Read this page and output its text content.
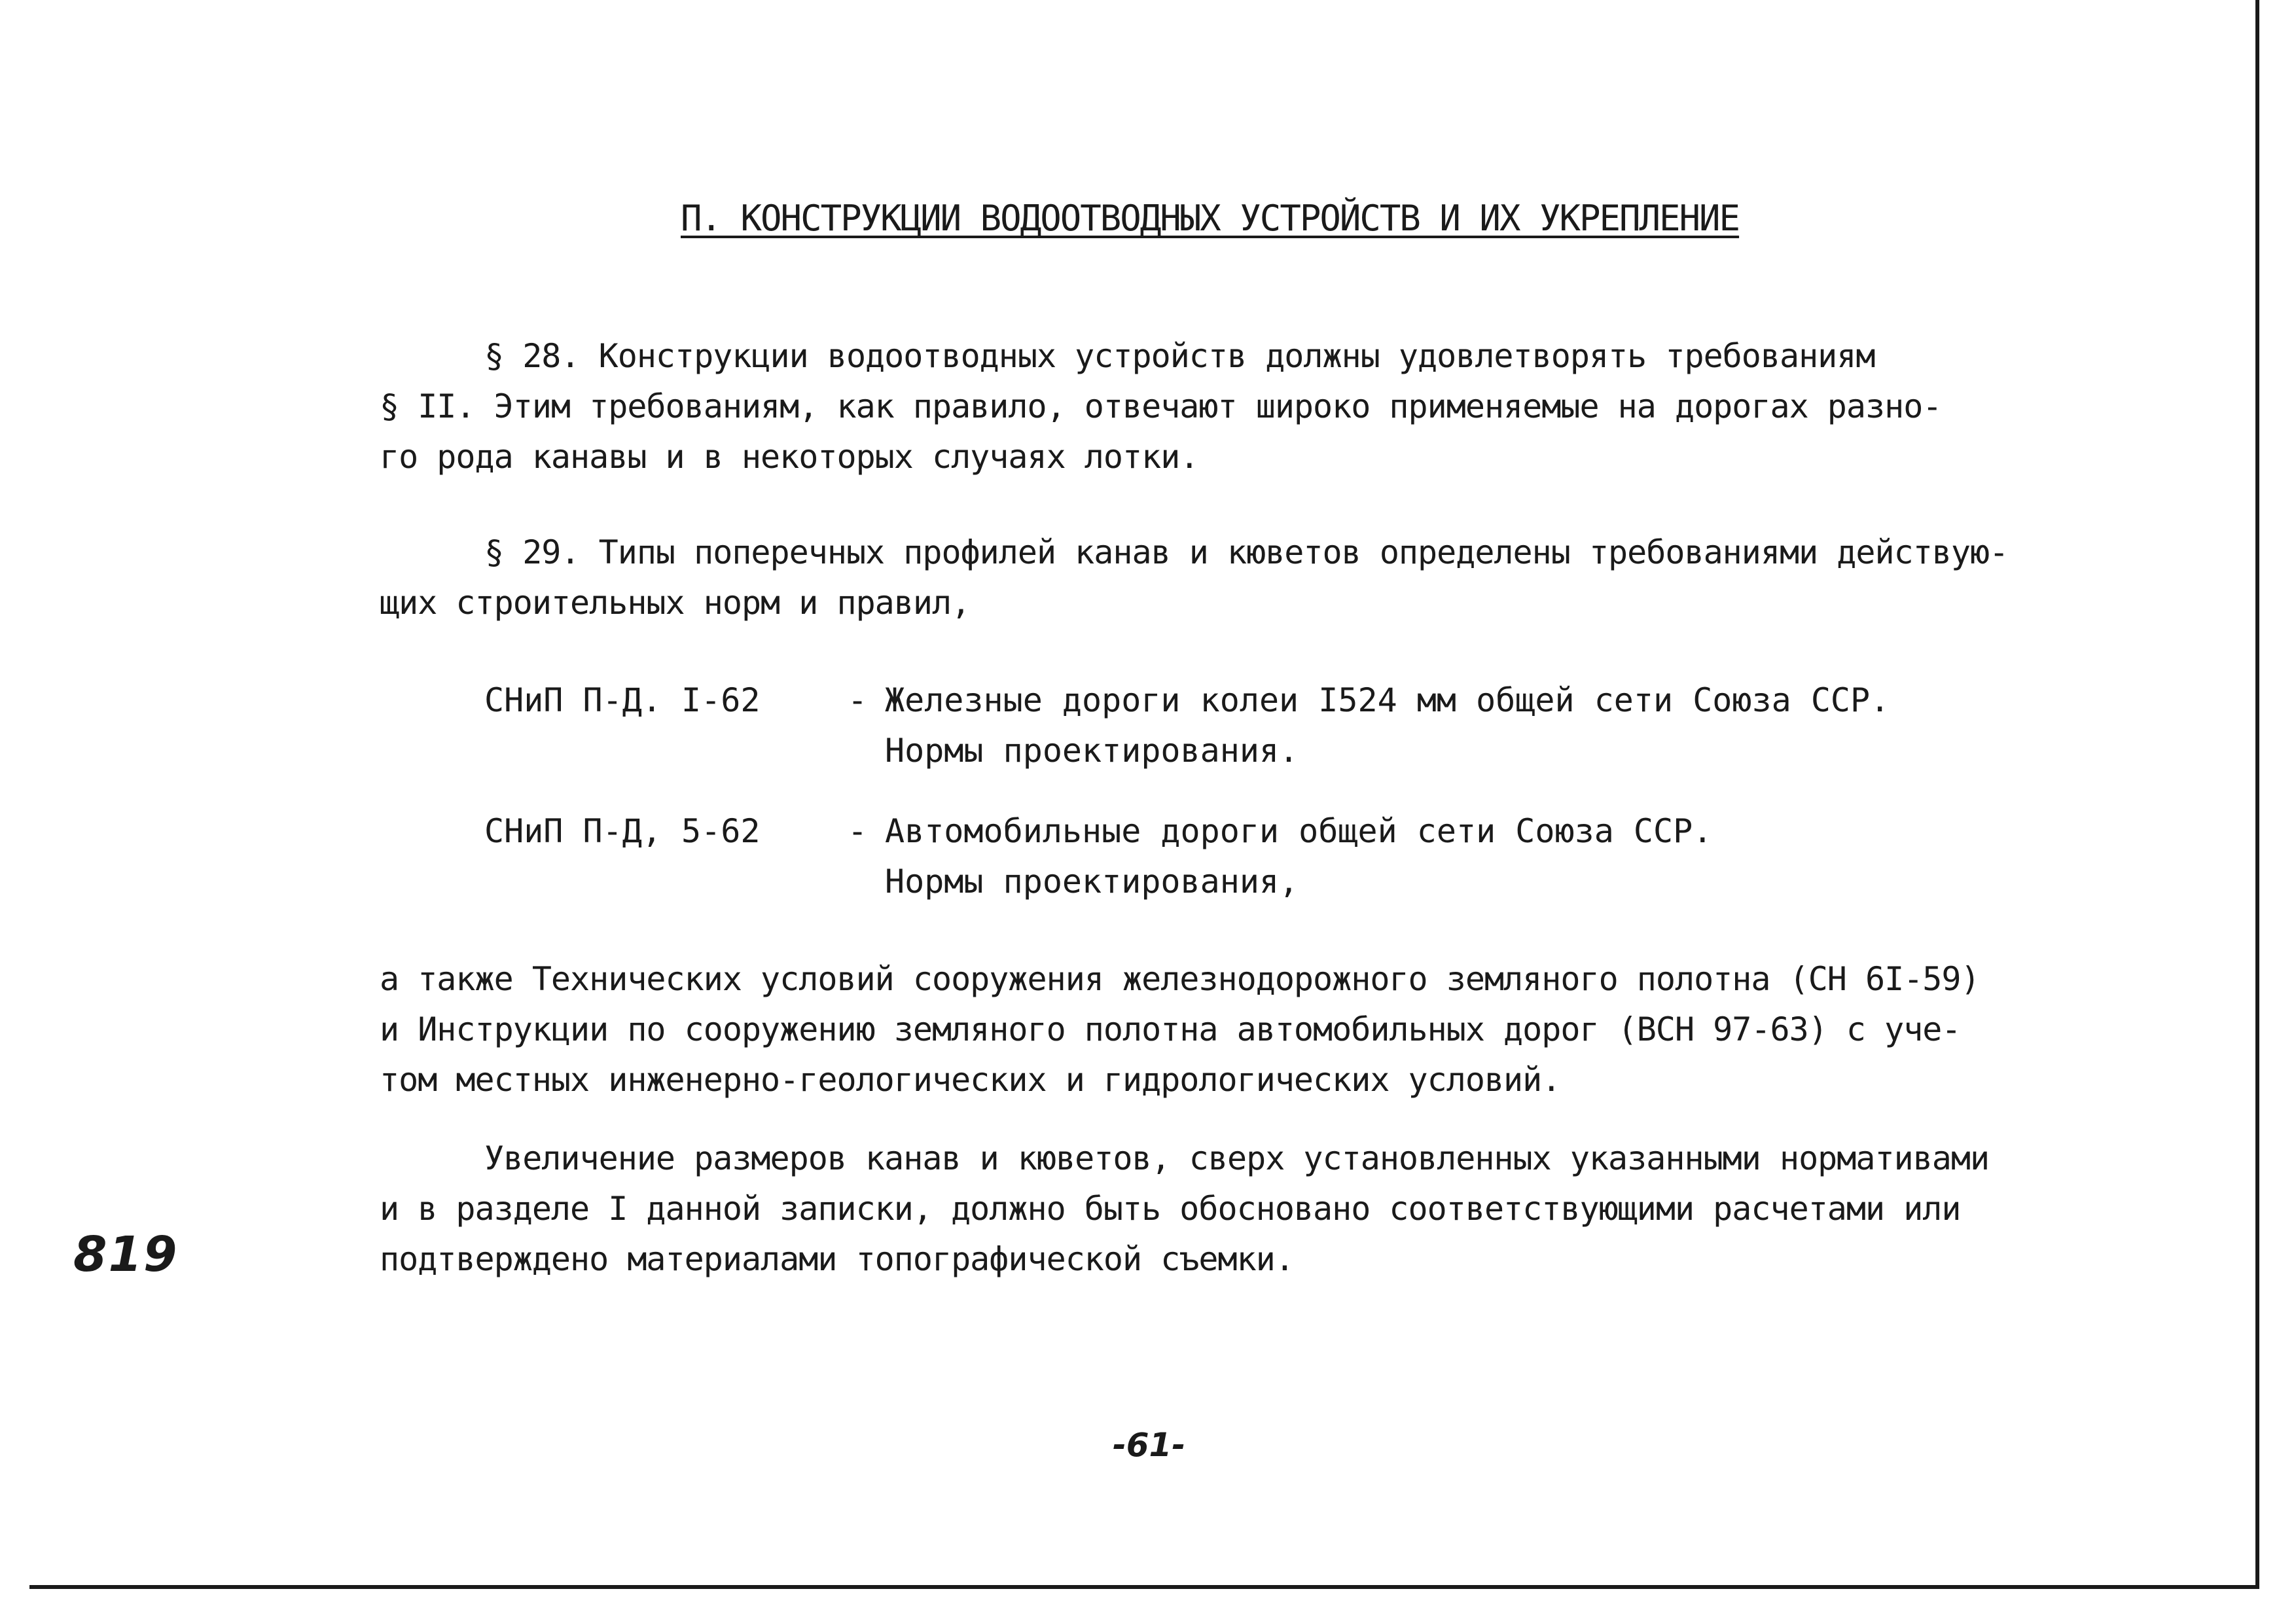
П. КОНСТРУКЦИИ ВОДООТВОДНЫХ УСТРОЙСТВ И ИХ УКРЕПЛЕНИЕ
§ 28. Конструкции водоотводных устройств должны удовлетворять требованиям
§ II. Этим требованиям, как правило, отвечают широко применяемые на дорогах разно-
го рода канавы и в некоторых случаях лотки.
§ 29. Типы поперечных профилей канав и кюветов определены требованиями действую-
щих строительных норм и правил,
СНиП П-Д. I-62	- Железные дороги колеи I524 мм общей сети Союза ССР.
Нормы проектирования.
СНиП П-Д, 5-62	- Автомобильные дороги общей сети Союза ССР.
Нормы проектирования,
а также Технических условий сооружения железнодорожного земляного полотна (СН 6I-59)
и Инструкции по сооружению земляного полотна автомобильных дорог (ВСН 97-63) с уче-
том местных инженерно-геологических и гидрологических условий.
Увеличение размеров канав и кюветов, сверх установленных указанными нормативами
и в разделе I данной записки, должно быть обосновано соответствующими расчетами или
подтверждено материалами топографической съемки.
819
-61-
